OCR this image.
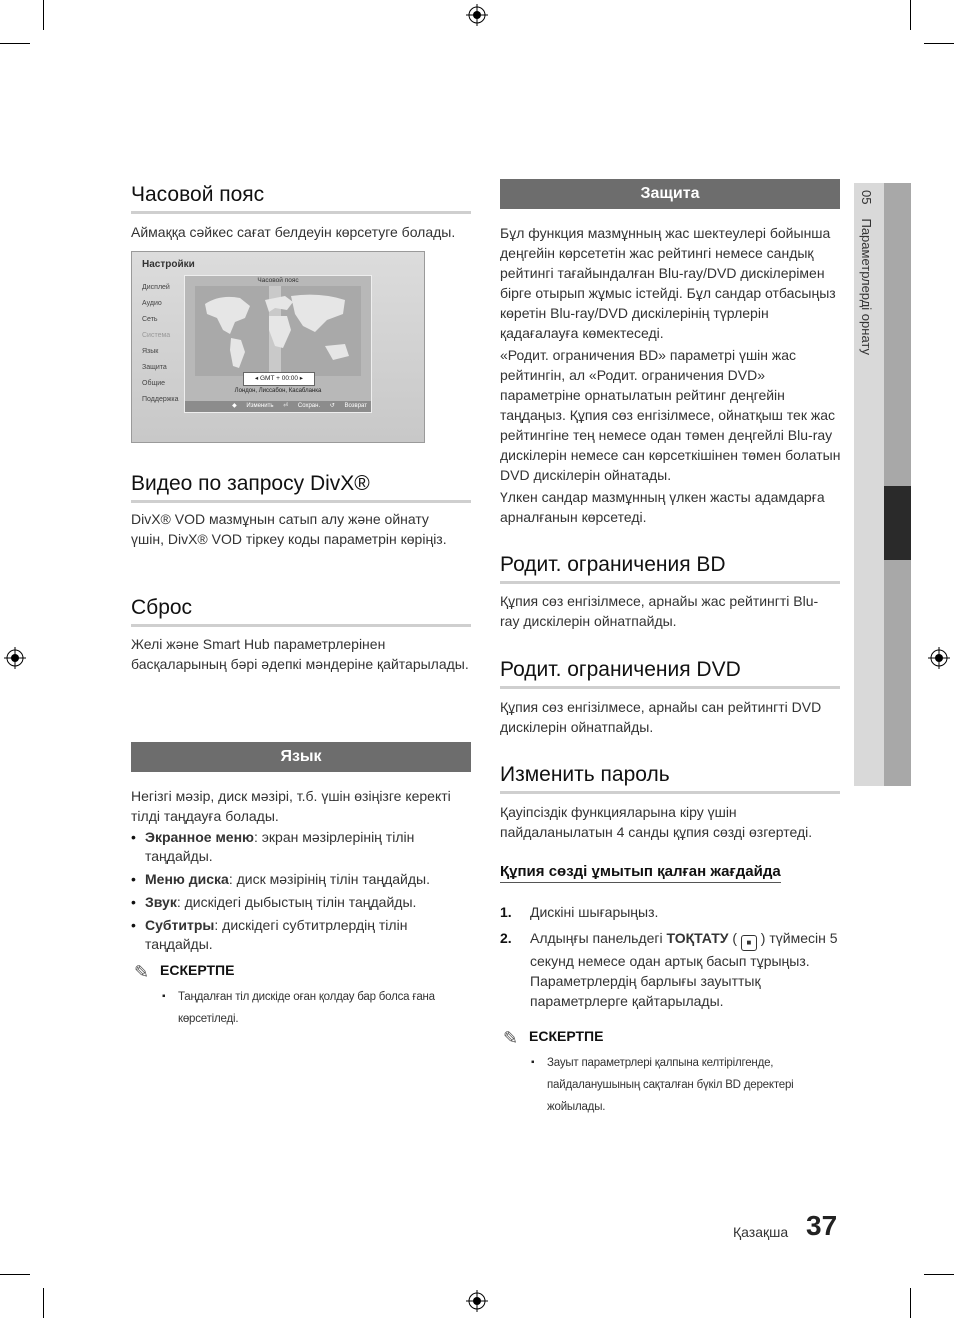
Часовой пояс

Аймаққа сәйкес сағат белдеуін көрсетуге болады.

Настройки
Дисплей
Аудио
Сеть
Система
Язык
Защита
Общие
Поддержка
Часовой пояс
◂ GMT + 00:00 ▸
Лондон, Лиссабон, Касабланка
◆ Изменить ⏎ Сохран. ↺ Возврат
Видео по запросу DivX®

DivX® VOD мазмұнын сатып алу және ойнату үшін, DivX® VOD тіркеу коды параметрін көріңіз.

Сброс

Желі және Smart Hub параметрлерінен басқаларының бәрі әдепкі мәндеріне қайтарылады.

Язык

Негізгі мәзір, диск мәзірі, т.б. үшін өзіңізге керекті тілді таңдауға болады.

• Экранное меню: экран мәзірлерінің тілін таңдайды.
• Меню диска: диск мәзірінің тілін таңдайды.
• Звук: дискідегі дыбыстың тілін таңдайды.
• Субтитры: дискідегі субтитрлердің тілін таңдайды.
✎ ЕСКЕРТПЕ
▪ Таңдалған тіл дискіде оған қолдау бар болса ғана көрсетіледі.
Защита

Бұл функция мазмұнның жас шектеулері бойынша деңгейін көрсететін жас рейтингі немесе сандық рейтингі тағайындалған Blu-ray/DVD дискілерімен бірге отырып жұмыс істейді. Бұл сандар отбасыңыз көретін Blu-ray/DVD дискілерінің түрлерін қадағалауға көмектеседі.

«Родит. ограничения BD» параметрі үшін жас рейтингін, ал «Родит. ограничения DVD» параметріне орнатылатын рейтинг деңгейін таңдаңыз. Құпия сөз енгізілмесе, ойнатқыш тек жас рейтингіне тең немесе одан төмен деңгейлі Blu-ray дискілерін немесе сан көрсеткішінен төмен болатын DVD дискілерін ойнатады.

Үлкен сандар мазмұнның үлкен жасты адамдарға арналғанын көрсетеді.

Родит. ограничения BD

Құпия сөз енгізілмесе, арнайы жас рейтингті Blu-ray дискілерін ойнатпайды.

Родит. ограничения DVD

Құпия сөз енгізілмесе, арнайы сан рейтингті DVD дискілерін ойнатпайды.

Изменить пароль

Қауіпсіздік функцияларына кіру үшін пайдаланылатын 4 санды құпия сөзді өзгертеді.

Құпия сөзді ұмытып қалған жағдайда
1. Дискіні шығарыңыз.
2. Алдыңғы панельдегі ТОҚТАТУ ( ■ ) түймесін 5 секунд немесе одан артық басып тұрыңыз.
Параметрлердің барлығы зауыттық параметрлерге қайтарылады.
✎ ЕСКЕРТПЕ
▪ Зауыт параметрлері қалпына келтірілгенде, пайдаланушының сақталған бүкіл BD деректері жойылады.
05Параметрлерді орнату
Қазақша 37
